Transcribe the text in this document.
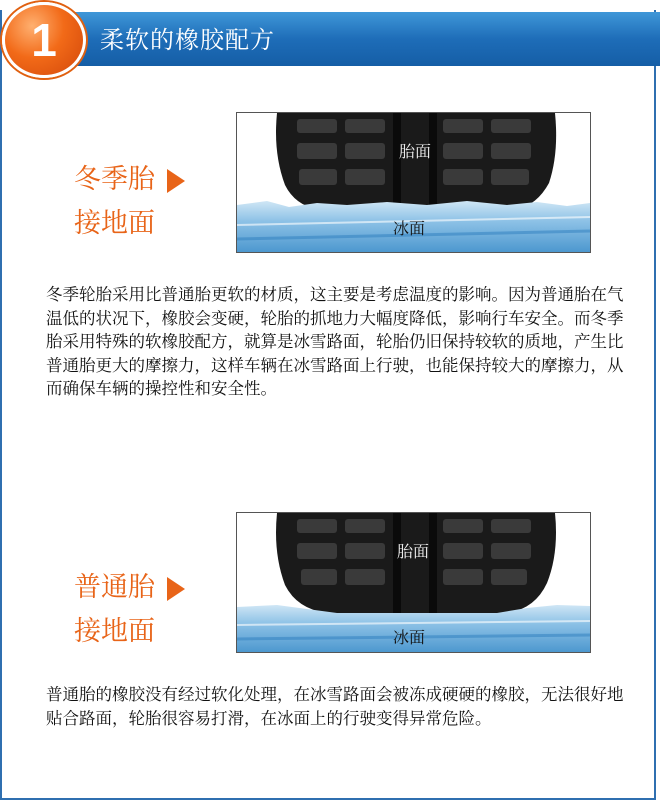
1 柔软的橡胶配方
冬季胎
接地面
胎面
冰面

冬季轮胎采用比普通胎更软的材质，这主要是考虑温度的影响。因为普通胎在气温低的状况下，橡胶会变硬，轮胎的抓地力大幅度降低，影响行车安全。而冬季胎采用特殊的软橡胶配方，就算是冰雪路面，轮胎仍旧保持较软的质地，产生比普通胎更大的摩擦力，这样车辆在冰雪路面上行驶，也能保持较大的摩擦力，从而确保车辆的操控性和安全性。

普通胎
接地面
胎面
冰面

普通胎的橡胶没有经过软化处理，在冰雪路面会被冻成硬硬的橡胶，无法很好地贴合路面，轮胎很容易打滑，在冰面上的行驶变得异常危险。
